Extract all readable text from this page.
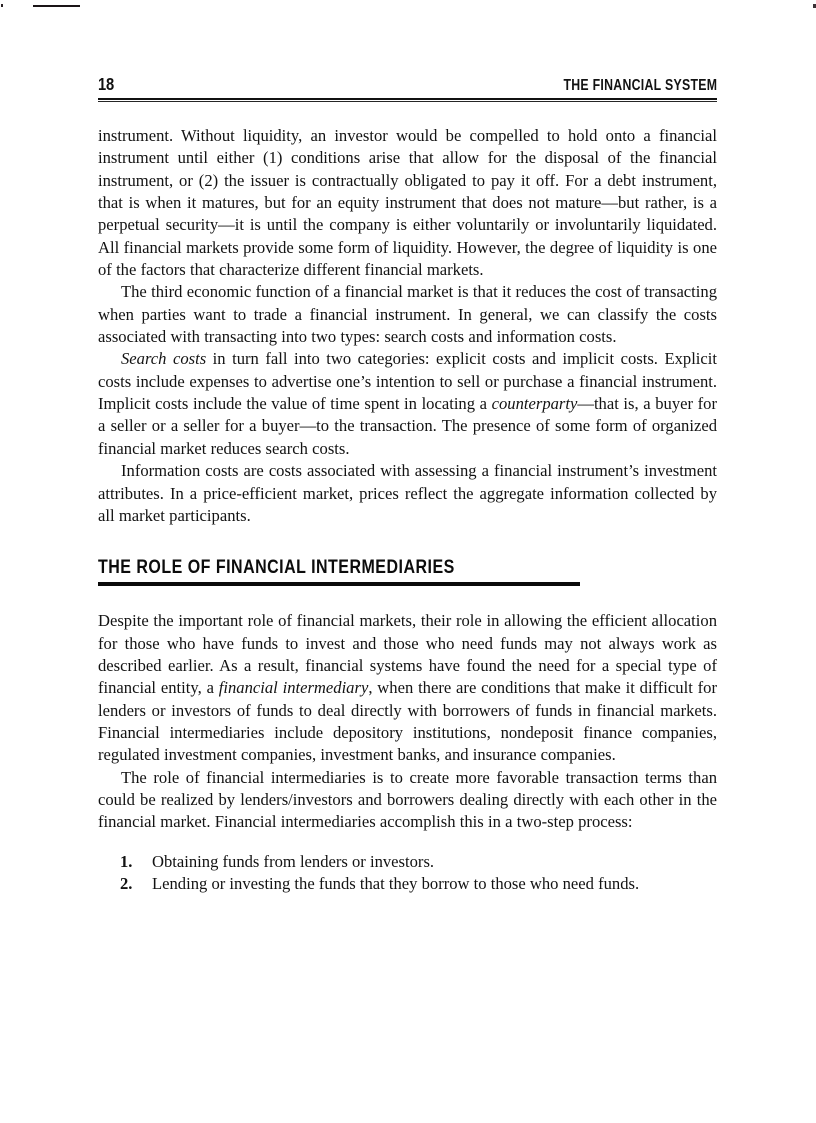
18	THE FINANCIAL SYSTEM

instrument. Without liquidity, an investor would be compelled to hold onto a financial instrument until either (1) conditions arise that allow for the disposal of the financial instrument, or (2) the issuer is contractually obligated to pay it off. For a debt instrument, that is when it matures, but for an equity instrument that does not mature—but rather, is a perpetual security—it is until the company is either voluntarily or involuntarily liquidated. All financial markets provide some form of liquidity. However, the degree of liquidity is one of the factors that characterize different financial markets.

The third economic function of a financial market is that it reduces the cost of transacting when parties want to trade a financial instrument. In general, we can classify the costs associated with transacting into two types: search costs and information costs.

Search costs in turn fall into two categories: explicit costs and implicit costs. Explicit costs include expenses to advertise one’s intention to sell or purchase a financial instrument. Implicit costs include the value of time spent in locating a counterparty—that is, a buyer for a seller or a seller for a buyer—to the transaction. The presence of some form of organized financial market reduces search costs.

Information costs are costs associated with assessing a financial instrument’s investment attributes. In a price-efficient market, prices reflect the aggregate information collected by all market participants.

THE ROLE OF FINANCIAL INTERMEDIARIES

Despite the important role of financial markets, their role in allowing the efficient allocation for those who have funds to invest and those who need funds may not always work as described earlier. As a result, financial systems have found the need for a special type of financial entity, a financial intermediary, when there are conditions that make it difficult for lenders or investors of funds to deal directly with borrowers of funds in financial markets. Financial intermediaries include depository institutions, nondeposit finance companies, regulated investment companies, investment banks, and insurance companies.

The role of financial intermediaries is to create more favorable transaction terms than could be realized by lenders/investors and borrowers dealing directly with each other in the financial market. Financial intermediaries accomplish this in a two-step process:

1. Obtaining funds from lenders or investors.
2. Lending or investing the funds that they borrow to those who need funds.
